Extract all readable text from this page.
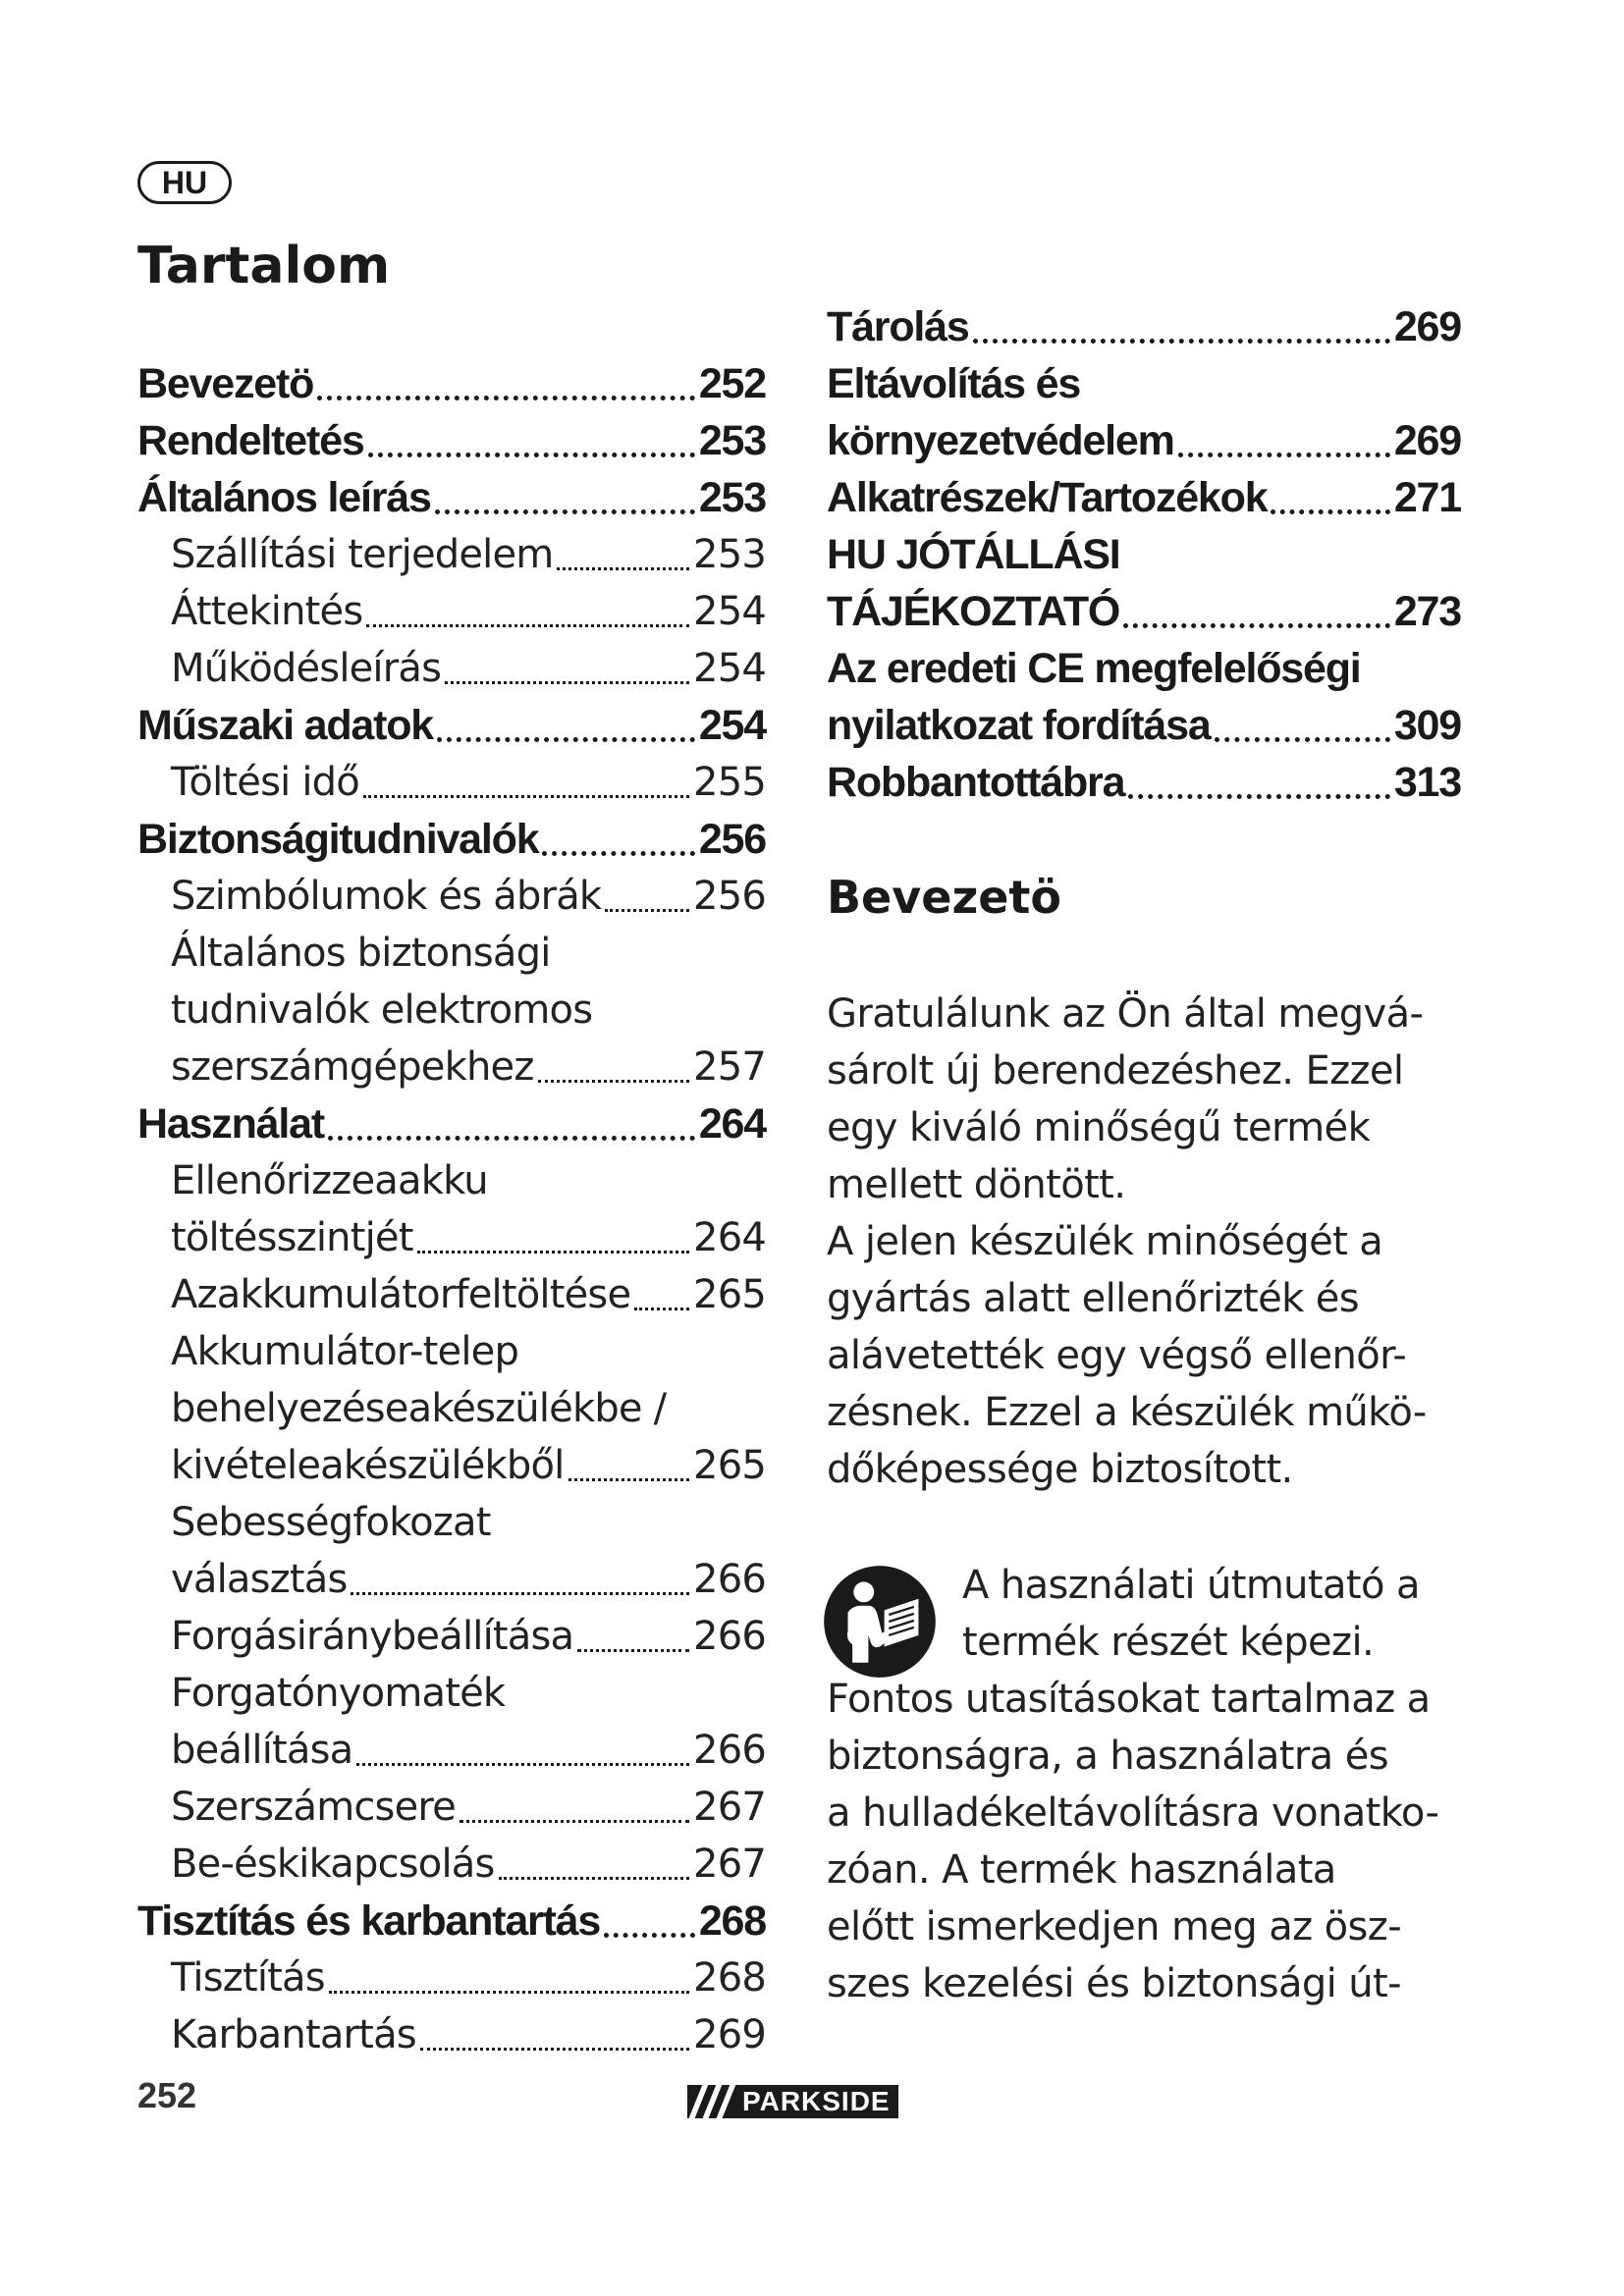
HU
Tartalom
Bevezetö	252
Rendeltetés	253
Általános leírás	253
Szállítási terjedelem	253
Áttekintés	254
Működésleírás	254
Műszaki adatok	254
Töltési idő	255
Biztonságitudnivalók	256
Szimbólumok és ábrák 256
Általános biztonsági
tudnivalók elektromos
szerszámgépekhez	257
Használat	264
Ellenőrizzeaakku
töltésszintjét	264
Azakkumulátorfeltöltése 265
Akkumulátor-telep
behelyezéseakészülékbe /
kivételeakészülékből	265
Sebességfokozat
választás	266
Forgásiránybeállítása	266
Forgatónyomaték
beállítása	266
Szerszámcsere	267
Be-éskikapcsolás	267
Tisztítás és karbantartás 268
Tisztítás	268
Karbantartás	269
Tárolás	269
Eltávolítás és
környezetvédelem	269
Alkatrészek/Tartozékok	271
HU JÓTÁLLÁSI
TÁJÉKOZTATÓ	273
Az eredeti CE megfelelőségi
nyilatkozat fordítása	309
Robbantottábra	313
Bevezetö

Gratulálunk az Ön által megvá-
sárolt új berendezéshez. Ezzel
egy kiváló minőségű termék
mellett döntött.
A jelen készülék minőségét a
gyártás alatt ellenőrizték és
alávetették egy végső ellenőr-
zésnek. Ezzel a készülék műkö-
dőképessége biztosított.

A használati útmutató a
termék részét képezi.

Fontos utasításokat tartalmaz a
biztonságra, a használatra és
a hulladékeltávolításra vonatko-
zóan. A termék használata
előtt ismerkedjen meg az ösz-
szes kezelési és biztonsági út-

252	PARKSIDE
